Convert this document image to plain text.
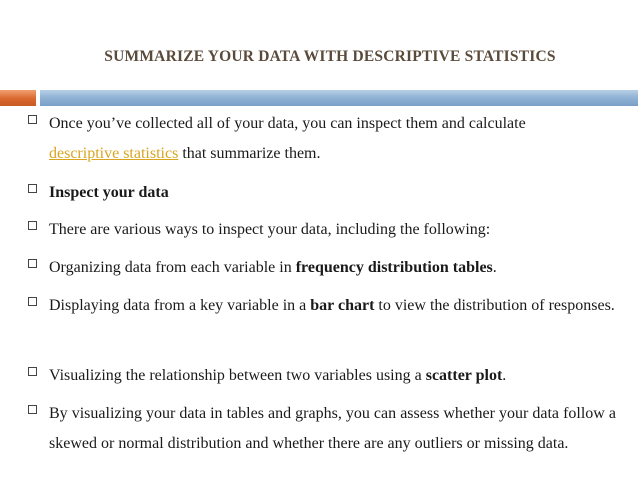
SUMMARIZE YOUR DATA WITH DESCRIPTIVE STATISTICS
Once you’ve collected all of your data, you can inspect them and calculate
descriptive statistics that summarize them.
Inspect your data
There are various ways to inspect your data, including the following:
Organizing data from each variable in frequency distribution tables.
Displaying data from a key variable in a bar chart to view the distribution of responses.
Visualizing the relationship between two variables using a scatter plot.
By visualizing your data in tables and graphs, you can assess whether your data follow a skewed or normal distribution and whether there are any outliers or missing data.
